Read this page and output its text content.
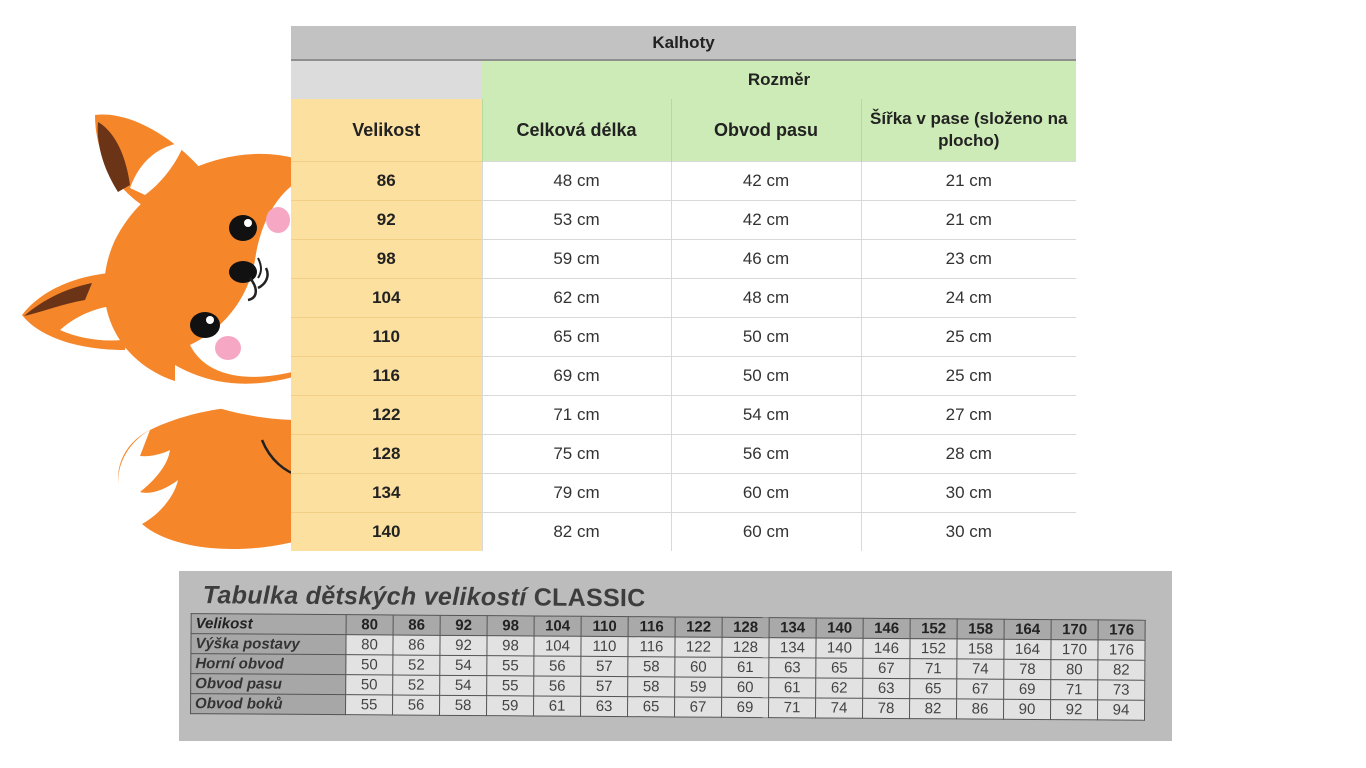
Kalhoty			
	Rozměr		
Velikost	Celková délka	Obvod pasu	Šířka v pase (složeno na plocho)
86	48 cm	42 cm	21 cm
92	53 cm	42 cm	21 cm
98	59 cm	46 cm	23 cm
104	62 cm	48 cm	24 cm
110	65 cm	50 cm	25 cm
116	69 cm	50 cm	25 cm
122	71 cm	54 cm	27 cm
128	75 cm	56 cm	28 cm
134	79 cm	60 cm	30 cm
140	82 cm	60 cm	30 cm
Tabulka dětských velikostí CLASSIC
Velikost	80	86	92	98	104	110	116	122	128	134	140	146	152	158	164	170	176
Výška postavy	80	86	92	98	104	110	116	122	128	134	140	146	152	158	164	170	176
Horní obvod	50	52	54	55	56	57	58	60	61	63	65	67	71	74	78	80	82
Obvod pasu	50	52	54	55	56	57	58	59	60	61	62	63	65	67	69	71	73
Obvod boků	55	56	58	59	61	63	65	67	69	71	74	78	82	86	90	92	94
